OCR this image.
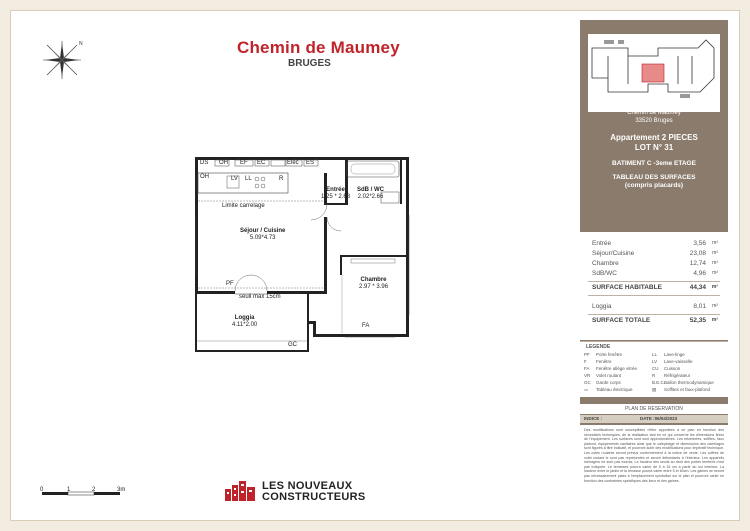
N	Chemin de Maumey
BRUGES
DS OH EF EC	Elec ES
OH	LV LL	R
Limite carrelage
Entrée
1.25 * 2.68
SdB / WC
2.02*2.66
Séjour / Cuisine
5.09*4.73
Chambre
2.97 * 3.96
Loggia
4.11*2.00
PF
seuil max 15cm
GC
FA
0	1	2	3m	LES NOUVEAUX
CONSTRUCTEURS
Chemin de Maumey
33520 Bruges
Appartement 2 PIECES
LOT N° 31
BATIMENT C -3eme ETAGE
TABLEAU DES SURFACES
(compris placards)
Entrée	3,56 m²
Séjour/Cuisine	23,08 m²
Chambre	12,74 m²
SdB/WC	4,96 m²
SURFACE HABITABLE	44,34 m²
Loggia	8,01 m²
SURFACE TOTALE	52,35 m²
LEGENDE
PF Porte fenêtre
F Fenêtre
FA Fenêtre allège vitrée
VR Volet roulant
GC Garde corps
▭ Tableau électrique
LL Lave-linge
LV Lave-vaisselle
CU Cuisson
R Réfrigérateur
B.E.C.Ballon thermodynamique
▨ Soffites et faux-plafond
PLAN DE RESERVATION
INDICE :	DATE :06/04/2023
Des modifications sont susceptibles d'être apportées à ce plan en fonction des nécessités techniques, de la réalisation tant en ce qui concerne les dimensions finies de l'équipement. Les surfaces sont sont approximatives. Les retombées, soffites, faux plafond, équipements sanitaires ainsi que le calepinage et dimensions des carrelages sont figurés à titre indicatif, et pourront subir des modifications pour impératif technique. Les cotes roulants seront prévus conformément à la notice de vente. Les coffres de volet roulant le sont pas représentés et seront débordants à l'intérieur. Les appareils ménagers ne sont pas fournis. La hauteur des seuils au droit des portes fenêtres n'est pas indiquée. Le terrasses pourra varier de 5 à 15 cm à partir du sol intérieur. La hauteur entre le jardin et la terrasse pourra varier entre 5 et 60cm. Les gaines ne seront pas nécessairement plaés à l'emplacement symbolisé sur le plan et pourront varier en fonction des contraintes spécifiques des lieux et des gaines.
